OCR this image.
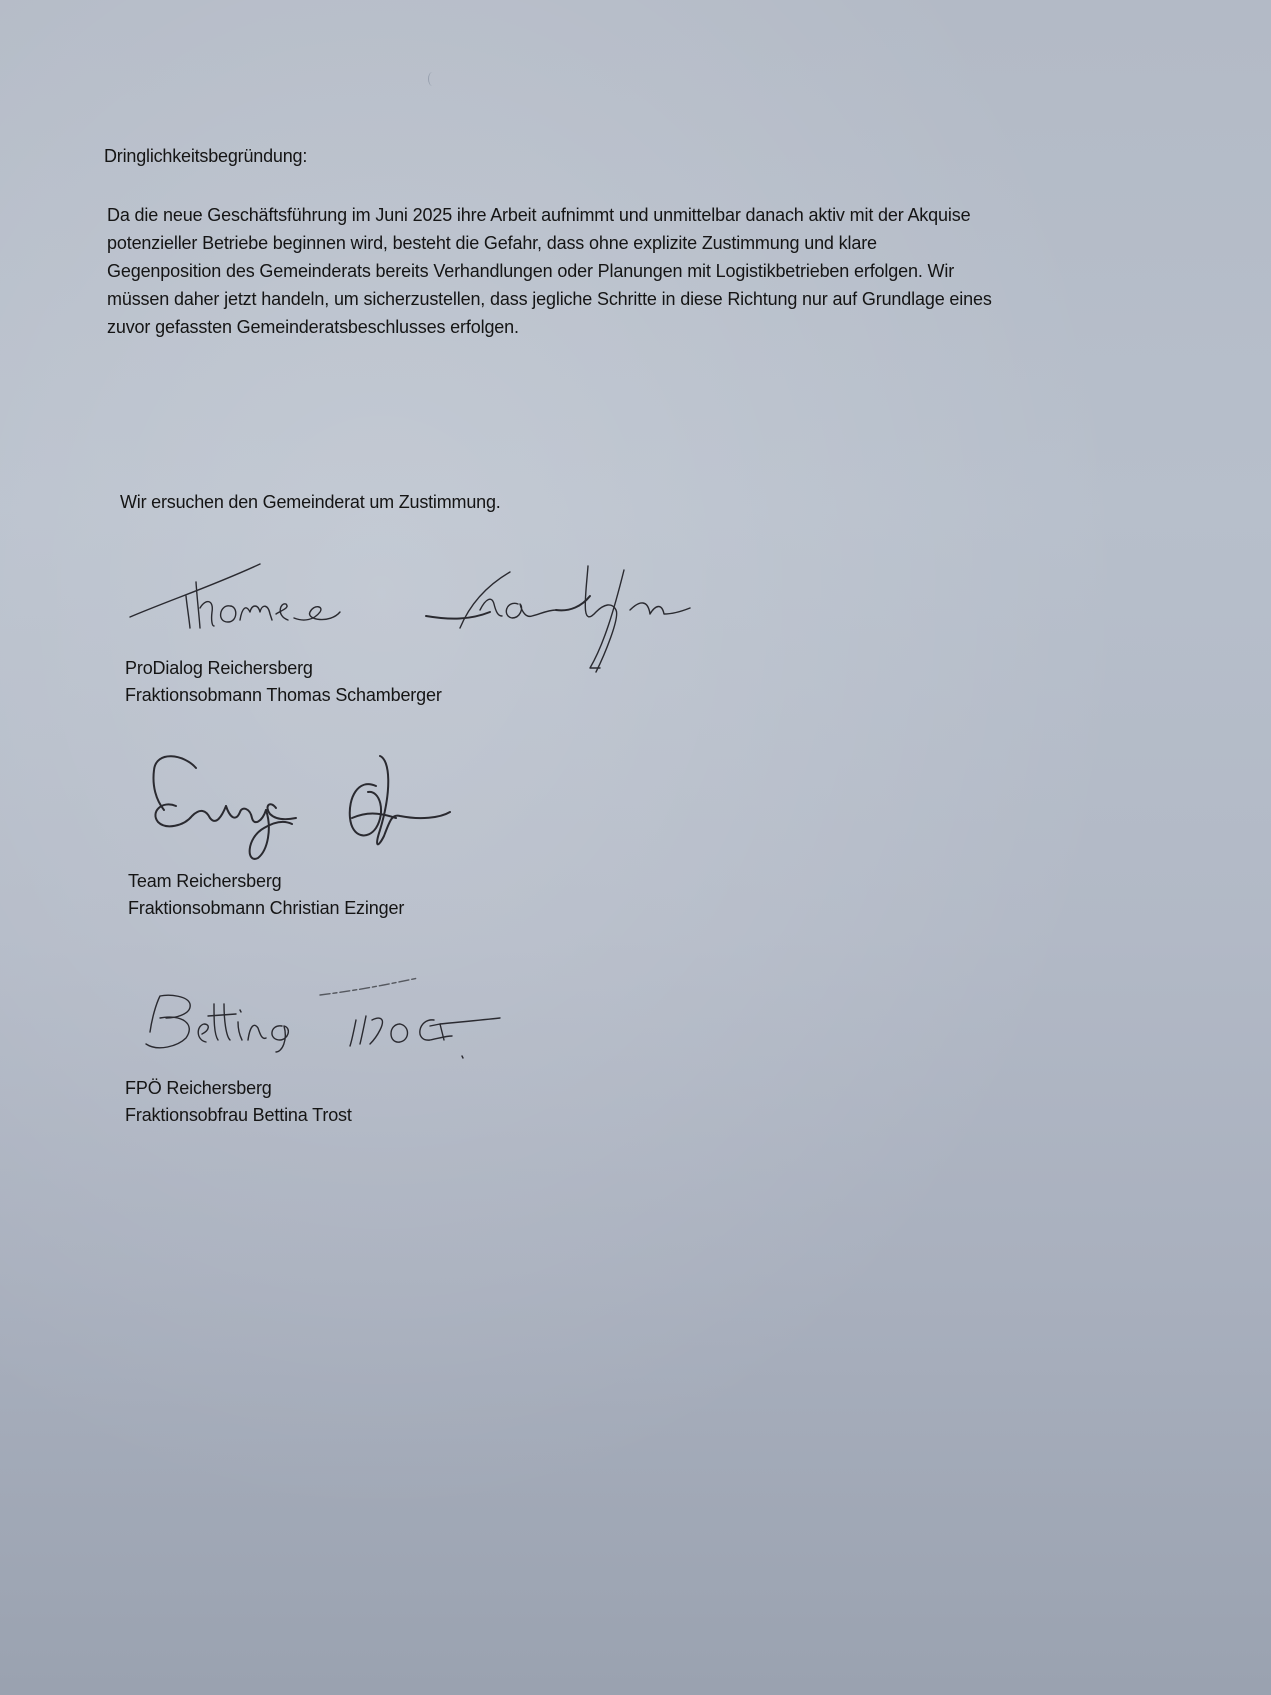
Dringlichkeitsbegründung:
Da die neue Geschäftsführung im Juni 2025 ihre Arbeit aufnimmt und unmittelbar danach aktiv mit der Akquise
potenzieller Betriebe beginnen wird, besteht die Gefahr, dass ohne explizite Zustimmung und klare
Gegenposition des Gemeinderats bereits Verhandlungen oder Planungen mit Logistikbetrieben erfolgen. Wir
müssen daher jetzt handeln, um sicherzustellen, dass jegliche Schritte in diese Richtung nur auf Grundlage eines
zuvor gefassten Gemeinderatsbeschlusses erfolgen.
Wir ersuchen den Gemeinderat um Zustimmung.
ProDialog Reichersberg
Fraktionsobmann Thomas Schamberger
Team Reichersberg
Fraktionsobmann Christian Ezinger
FPÖ Reichersberg
Fraktionsobfrau Bettina Trost
